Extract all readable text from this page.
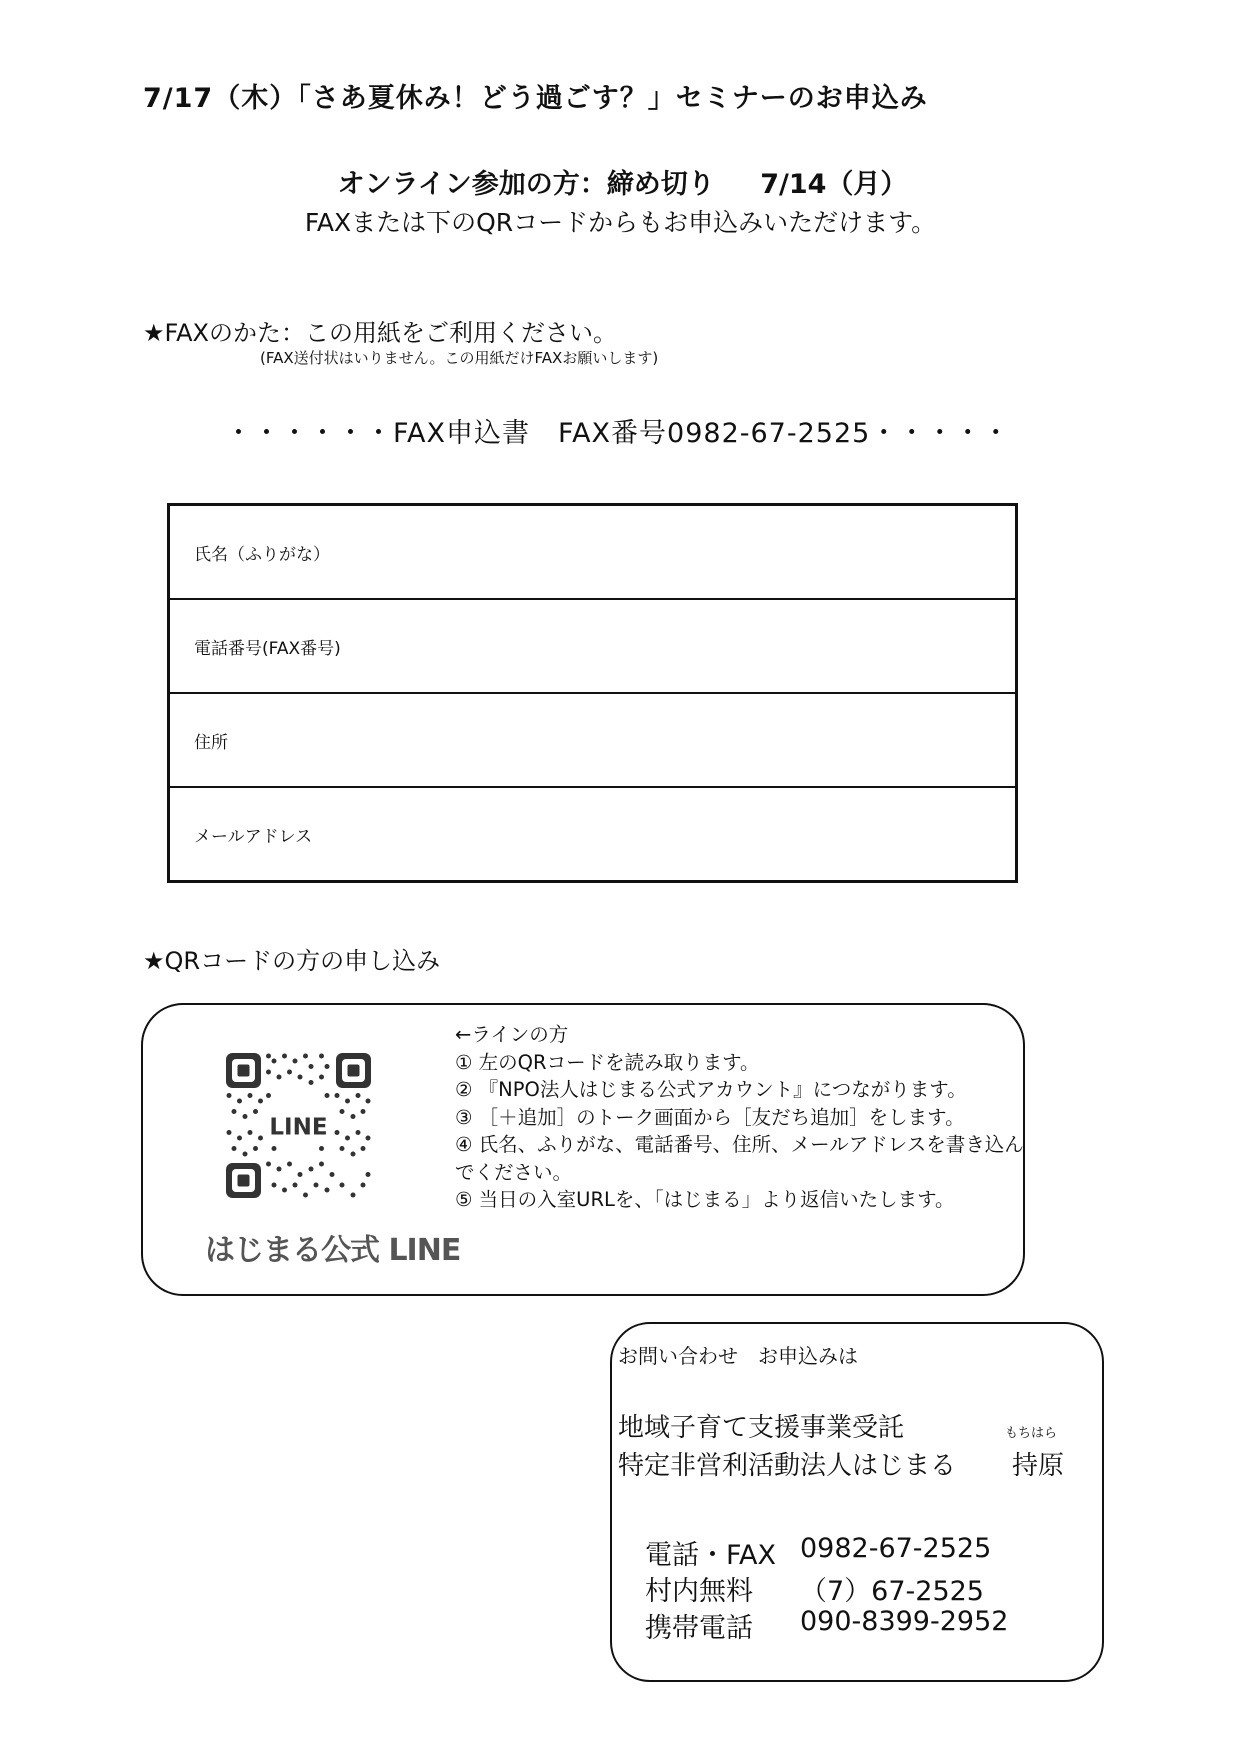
7/17（木）「さあ夏休み！どう過ごす？」セミナーのお申込み
オンライン参加の方：締め切り 7/14（月）
FAXまたは下のQRコードからもお申込みいただけます。
★FAXのかた：この用紙をご利用ください。
(FAX送付状はいりません。この用紙だけFAXお願いします)
・・・・・・FAX申込書　FAX番号0982-67-2525・・・・・
氏名（ふりがな）
電話番号(FAX番号)
住所
メールアドレス
★QRコードの方の申し込み
LINE
はじまる公式 LINE
←ラインの方
① 左のQRコードを読み取ります。
② 『NPO法人はじまる公式アカウント』につながります。
③ ［＋追加］のトーク画面から［友だち追加］をします。
④ 氏名、ふりがな、電話番号、住所、メールアドレスを書き込んでください。
⑤ 当日の入室URLを、「はじまる」より返信いたします。
お問い合わせ　お申込みは
地域子育て支援事業受託
特定非営利活動法人はじまる
もちはら
持原
電話・FAX 0982-67-2525
村内無料 （7）67-2525
携帯電話 090-8399-2952
